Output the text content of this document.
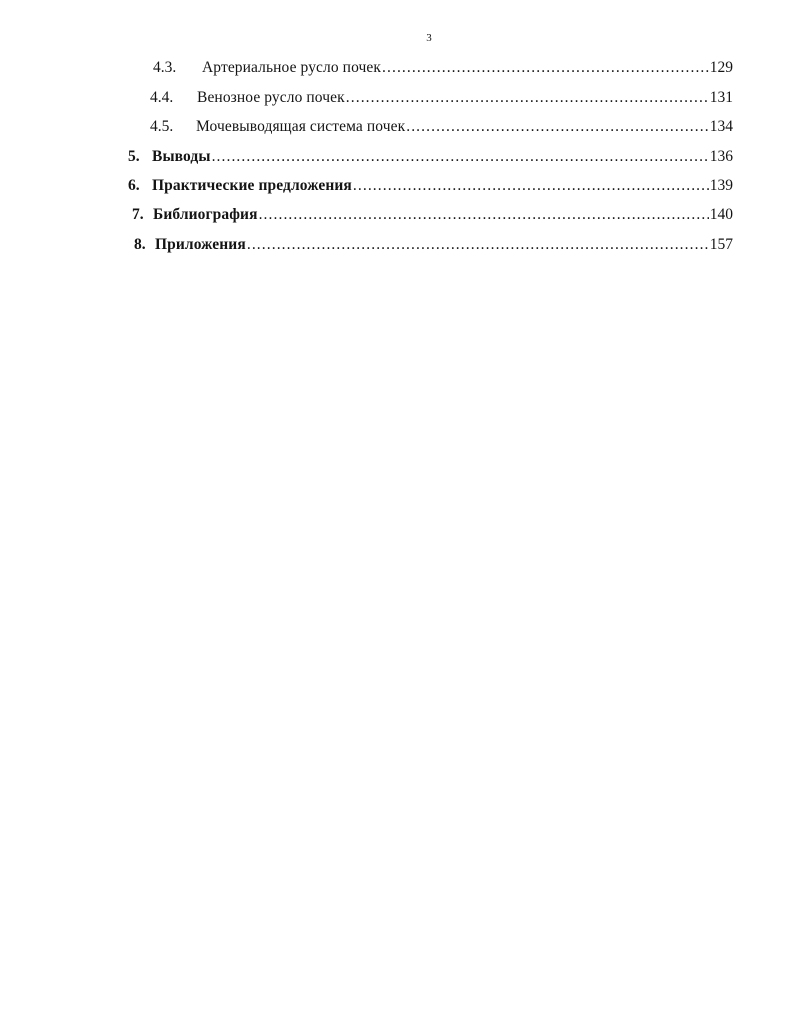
3
4.3.	Артериальное русло почек .....	129
4.4.	Венозное русло почек .....	131
4.5.	Мочевыводящая система почек .....	134
5. Выводы .....	136
6. Практические предложения .....	139
7. Библиография .....	140
8. Приложения .....	157
